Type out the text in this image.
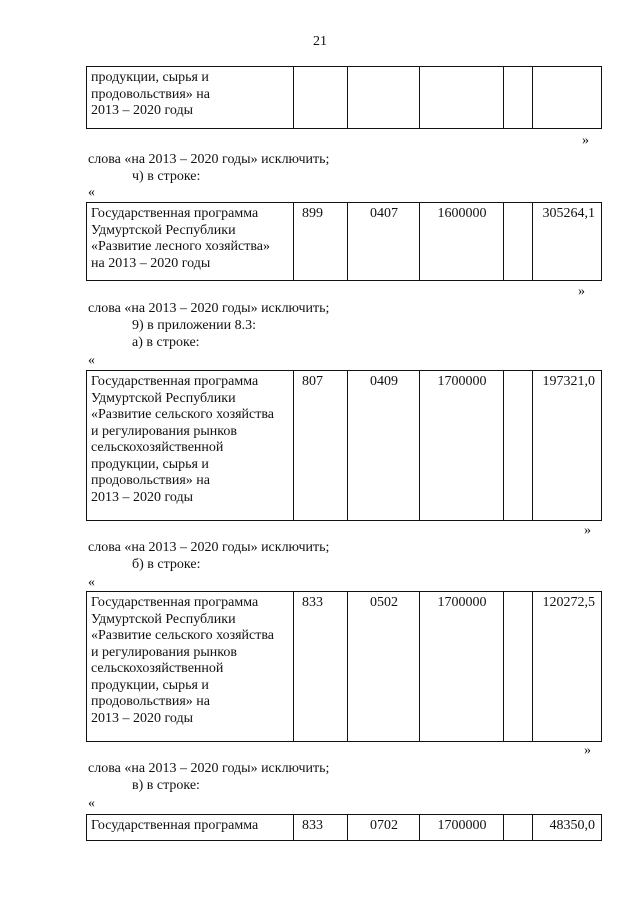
21
продукции, сырья и
продовольствия» на
2013 – 2020 годы

»
слова «на 2013 – 2020 годы» исключить;
ч) в строке:
«
Государственная программа
Удмуртской Республики
«Развитие лесного хозяйства»
на 2013 – 2020 годы
	899	0407	1600000		305264,1
»
слова «на 2013 – 2020 годы» исключить;
9) в приложении 8.3:
а) в строке:
«
Государственная программа
Удмуртской Республики
«Развитие сельского хозяйства
и регулирования рынков
сельскохозяйственной
продукции, сырья и
продовольствия» на
2013 – 2020 годы
	807	0409	1700000		197321,0
»
слова «на 2013 – 2020 годы» исключить;
б) в строке:
«
Государственная программа
Удмуртской Республики
«Развитие сельского хозяйства
и регулирования рынков
сельскохозяйственной
продукции, сырья и
продовольствия» на
2013 – 2020 годы
	833	0502	1700000		120272,5
»
слова «на 2013 – 2020 годы» исключить;
в) в строке:
«
Государственная программа	833	0702	1700000		48350,0
